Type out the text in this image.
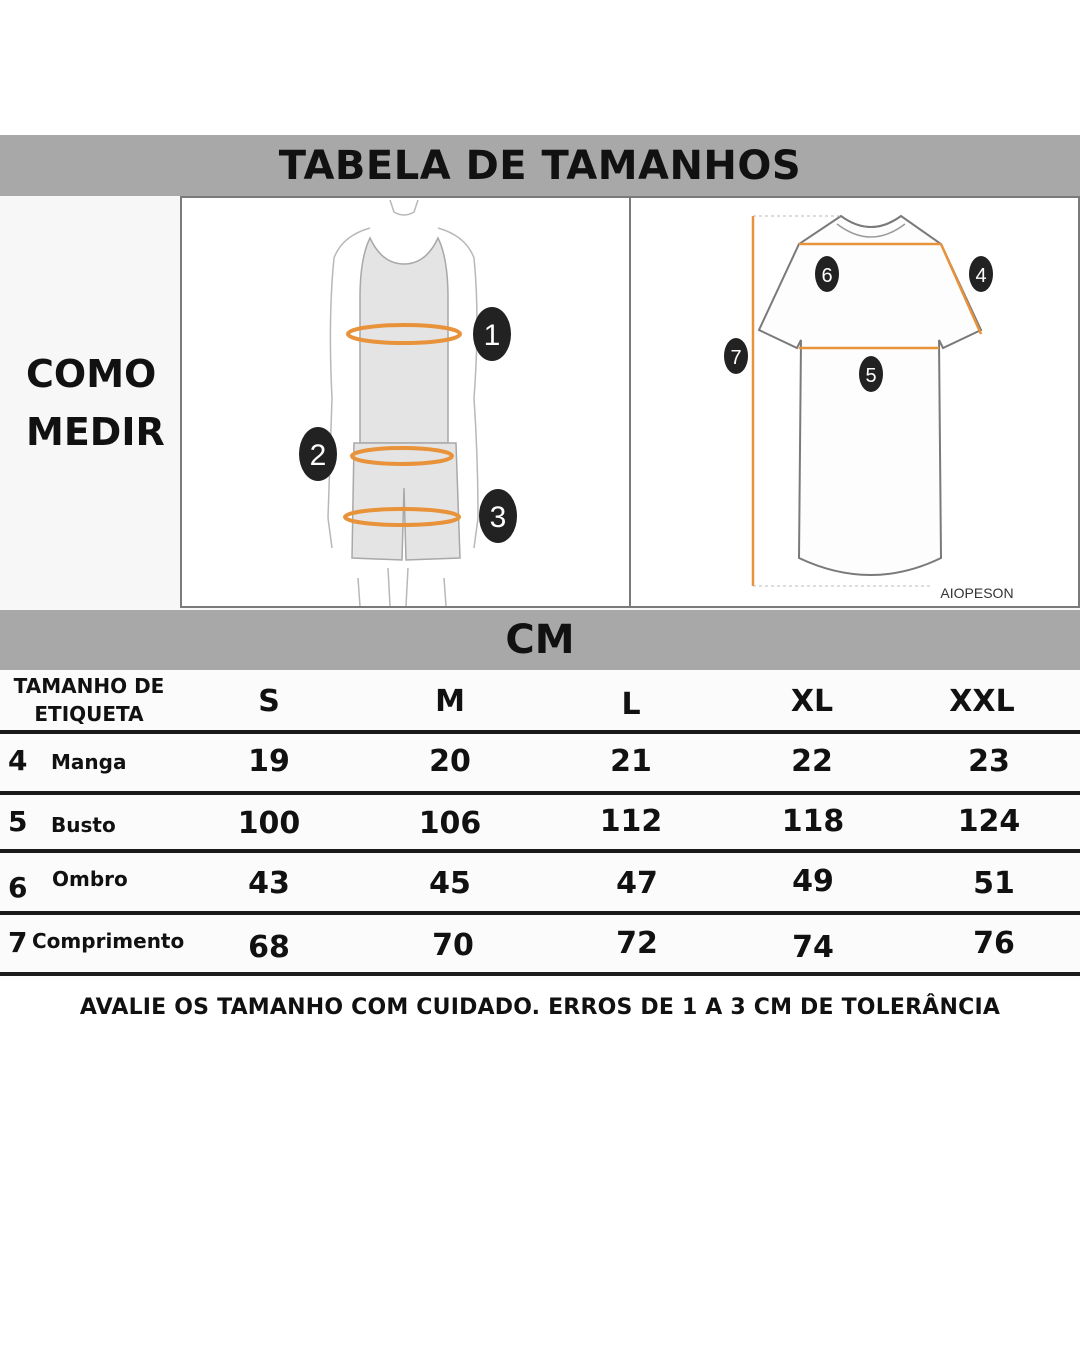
TABELA DE TAMANHOS
COMO
MEDIR
1
2
3
6	4
7
5
AIOPESON
CM
TAMANHO DE
ETIQUETA	S	M	L	XL	XXL
4 Manga	19	20	21	22	23
5 Busto	100	106	112	118	124
6 Ombro	43	45	47	49	51
7 Comprimento 68	70	72	74	76
AVALIE OS TAMANHO COM CUIDADO. ERROS DE 1 A 3 CM DE TOLERÂNCIA
